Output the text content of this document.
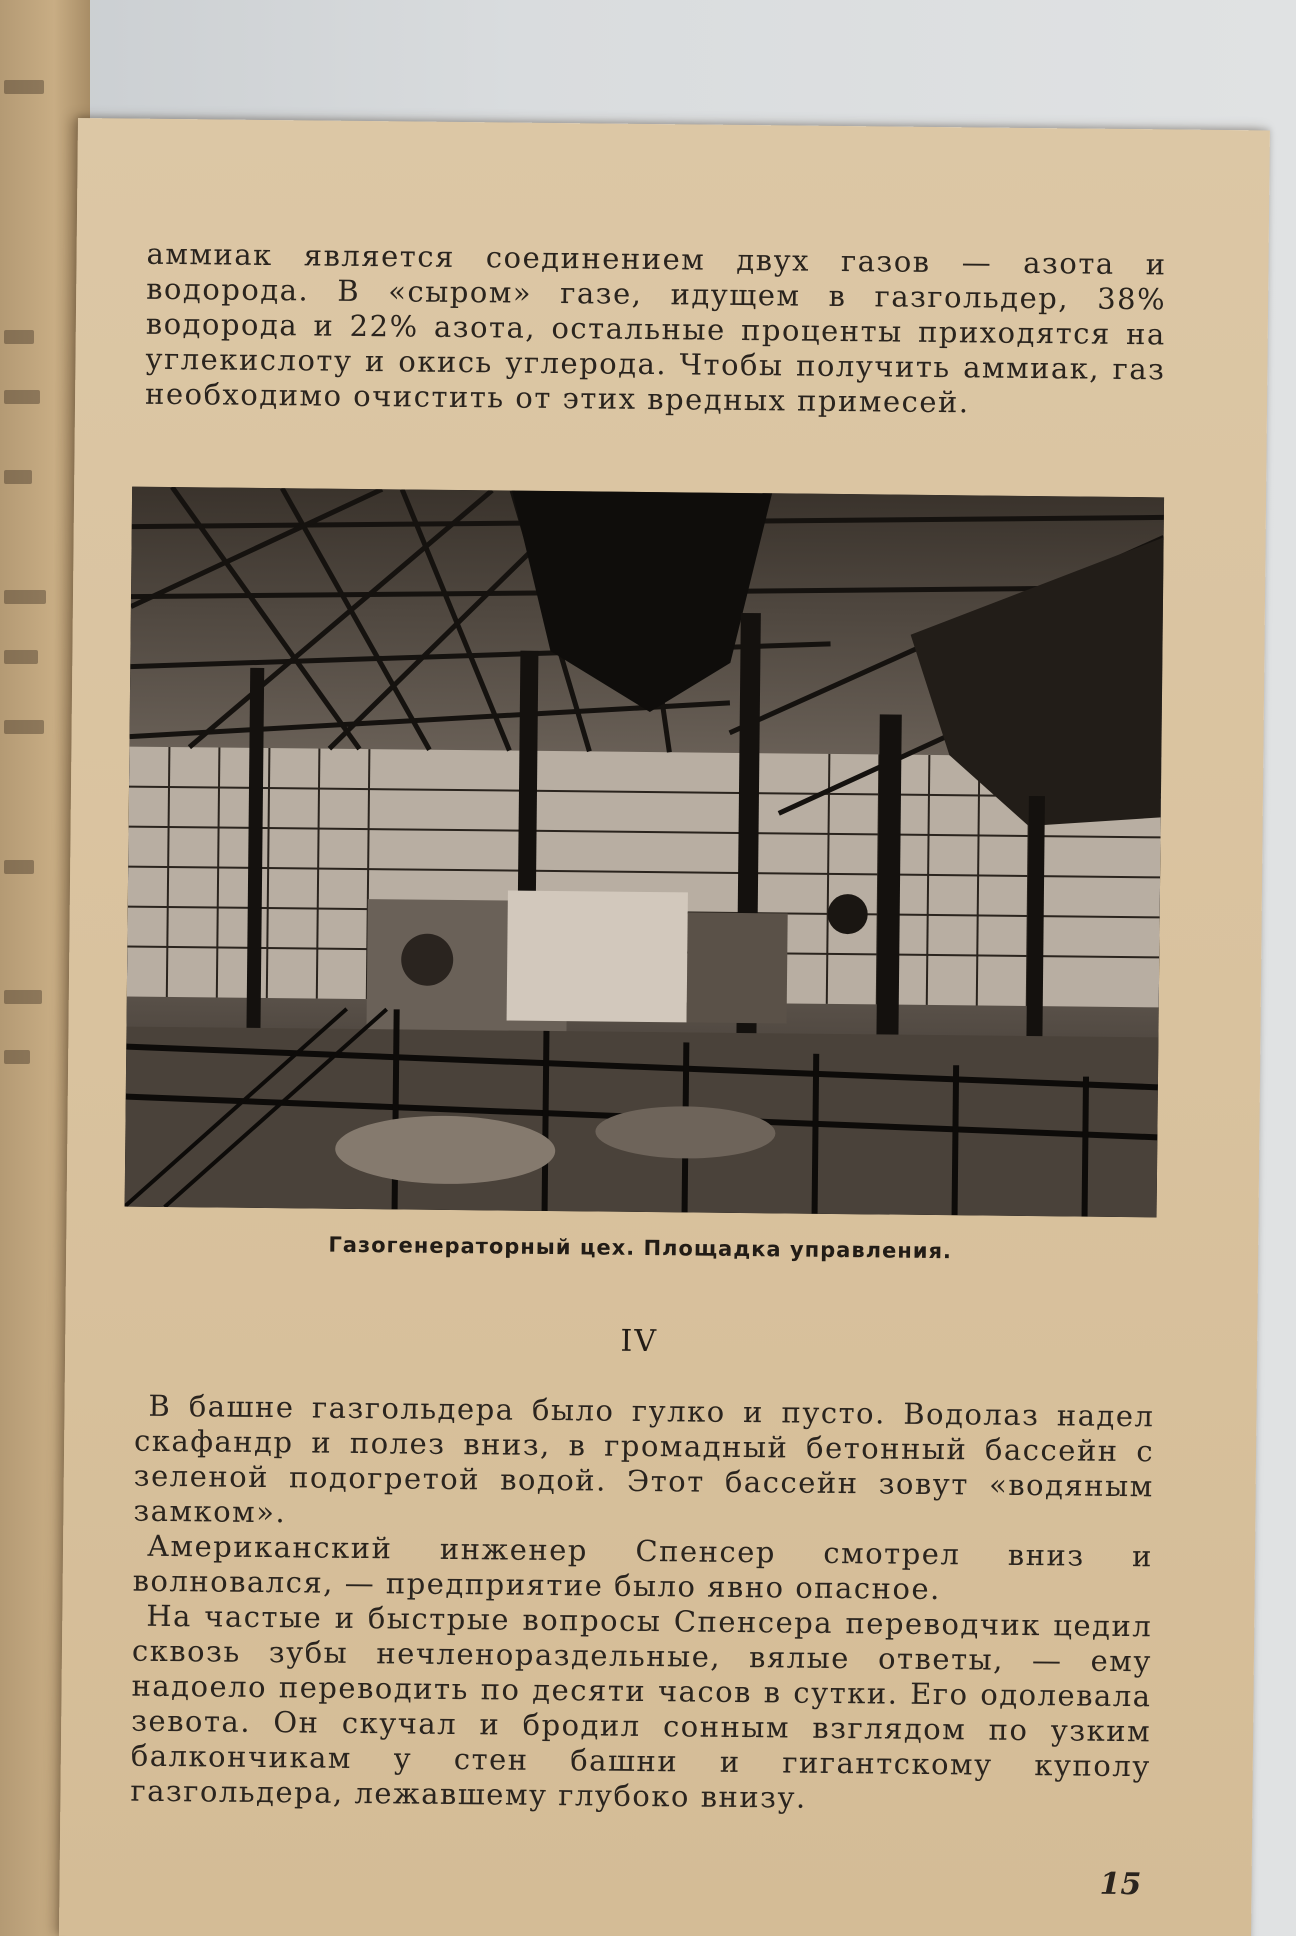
аммиак является соединением двух газов — азота и водорода. В «сыром» газе, идущем в газгольдер, 38% водорода и 22% азота, остальные проценты приходятся на углекислоту и окись углерода. Чтобы получить аммиак, газ необходимо очистить от этих вредных примесей.

Газогенераторный цех. Площадка управления.
IV

В башне газгольдера было гулко и пусто. Водолаз надел скафандр и полез вниз, в громадный бетонный бассейн с зеленой подогретой водой. Этот бассейн зовут «водяным замком».

Американский инженер Спенсер смотрел вниз и волновался, — предприятие было явно опасное.

На частые и быстрые вопросы Спенсера переводчик цедил сквозь зубы нечленораздельные, вялые ответы, — ему надоело переводить по десяти часов в сутки. Его одолевала зевота. Он скучал и бродил сонным взглядом по узким балкончикам у стен башни и гигантскому куполу газгольдера, лежавшему глубоко внизу.

15
